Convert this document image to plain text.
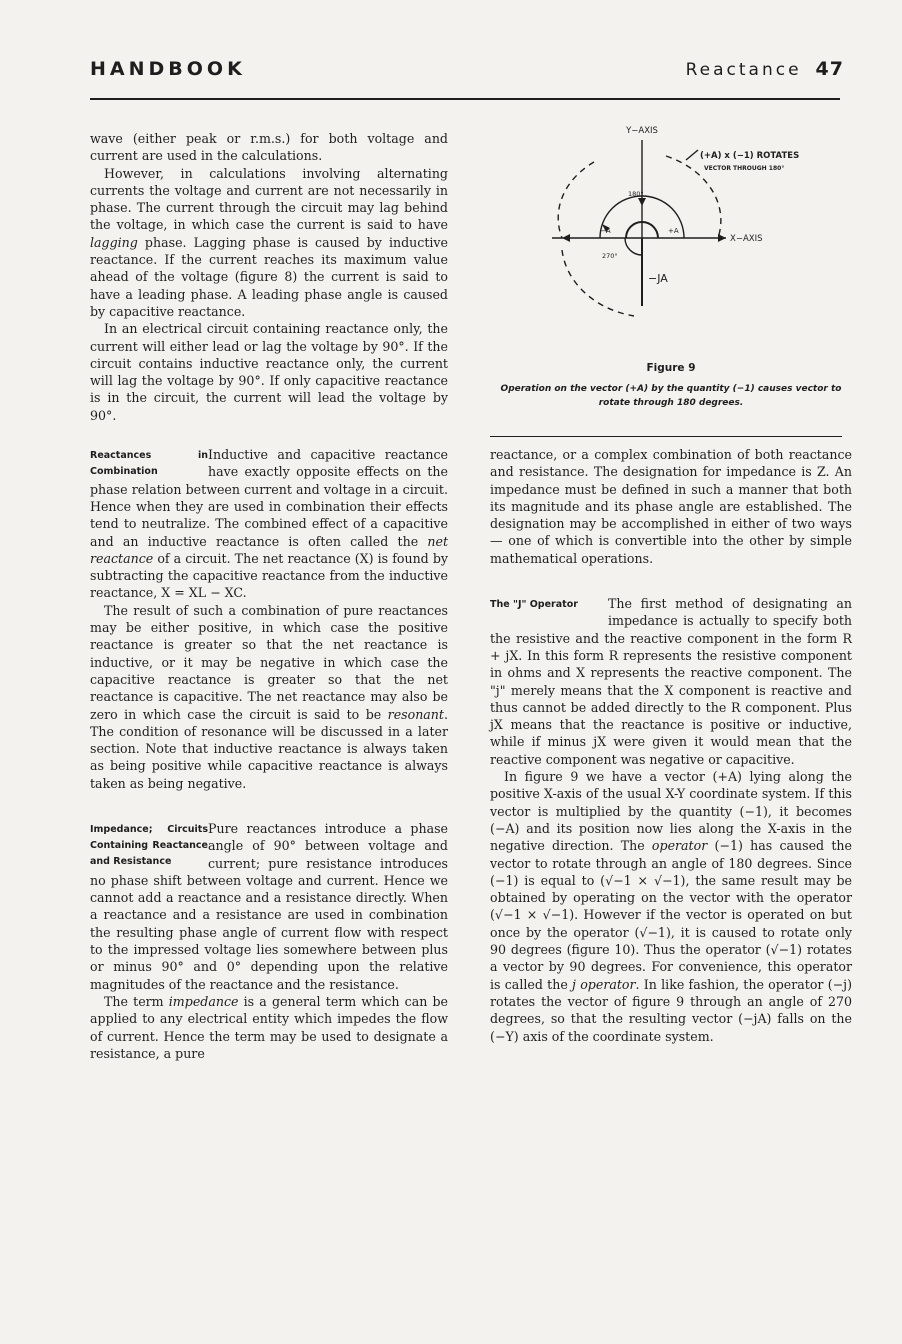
HANDBOOK	Reactance 47

wave (either peak or r.m.s.) for both voltage and current are used in the calculations.

However, in calculations involving alternating currents the voltage and current are not necessarily in phase. The current through the circuit may lag behind the voltage, in which case the current is said to have lagging phase. Lagging phase is caused by inductive reactance. If the current reaches its maximum value ahead of the voltage (figure 8) the current is said to have a leading phase. A leading phase angle is caused by capacitive reactance.

In an electrical circuit containing reactance only, the current will either lead or lag the voltage by 90°. If the circuit contains inductive reactance only, the current will lag the voltage by 90°. If only capacitive reactance is in the circuit, the current will lead the voltage by 90°.

Reactances in Combination
Inductive and capacitive reactance have exactly opposite effects on the phase relation between current and voltage in a circuit. Hence when they are used in combination their effects tend to neutralize. The combined effect of a capacitive and an inductive reactance is often called the net reactance of a circuit. The net reactance (X) is found by subtracting the capacitive reactance from the inductive reactance, X = XL − XC.

The result of such a combination of pure reactances may be either positive, in which case the positive reactance is greater so that the net reactance is inductive, or it may be negative in which case the capacitive reactance is greater so that the net reactance is capacitive. The net reactance may also be zero in which case the circuit is said to be resonant. The condition of resonance will be discussed in a later section. Note that inductive reactance is always taken as being positive while capacitive reactance is always taken as being negative.

Impedance; Circuits Containing Reactance and Resistance
Pure reactances introduce a phase angle of 90° between voltage and current; pure resistance introduces no phase shift between voltage and current. Hence we cannot add a reactance and a resistance directly. When a reactance and a resistance are used in combination the resulting phase angle of current flow with respect to the impressed voltage lies somewhere between plus or minus 90° and 0° depending upon the relative magnitudes of the reactance and the resistance.

The term impedance is a general term which can be applied to any electrical entity which impedes the flow of current. Hence the term may be used to designate a resistance, a pure

Y−AXIS
X−AXIS
(+A) x (−1) ROTATES
VECTOR THROUGH 180°
180°
270°
+A
−A
−JA
Figure 9
Operation on the vector (+A) by the quantity (−1) causes vector to rotate through 180 degrees.

reactance, or a complex combination of both reactance and resistance. The designation for impedance is Z. An impedance must be defined in such a manner that both its magnitude and its phase angle are established. The designation may be accomplished in either of two ways — one of which is convertible into the other by simple mathematical operations.

The "J" Operator	The first method of designating an impedance is actually to specify both the resistive and the reactive component in the form R + jX. In this form R represents the resistive component in ohms and X represents the reactive component. The "j" merely means that the X component is reactive and thus cannot be added directly to the R component. Plus jX means that the reactance is positive or inductive, while if minus jX were given it would mean that the reactive component was negative or capacitive.

In figure 9 we have a vector (+A) lying along the positive X-axis of the usual X-Y coordinate system. If this vector is multiplied by the quantity (−1), it becomes (−A) and its position now lies along the X-axis in the negative direction. The operator (−1) has caused the vector to rotate through an angle of 180 degrees. Since (−1) is equal to (√−1 × √−1), the same result may be obtained by operating on the vector with the operator (√−1 × √−1). However if the vector is operated on but once by the operator (√−1), it is caused to rotate only 90 degrees (figure 10). Thus the operator (√−1) rotates a vector by 90 degrees. For convenience, this operator is called the j operator. In like fashion, the operator (−j) rotates the vector of figure 9 through an angle of 270 degrees, so that the resulting vector (−jA) falls on the (−Y) axis of the coordinate system.
